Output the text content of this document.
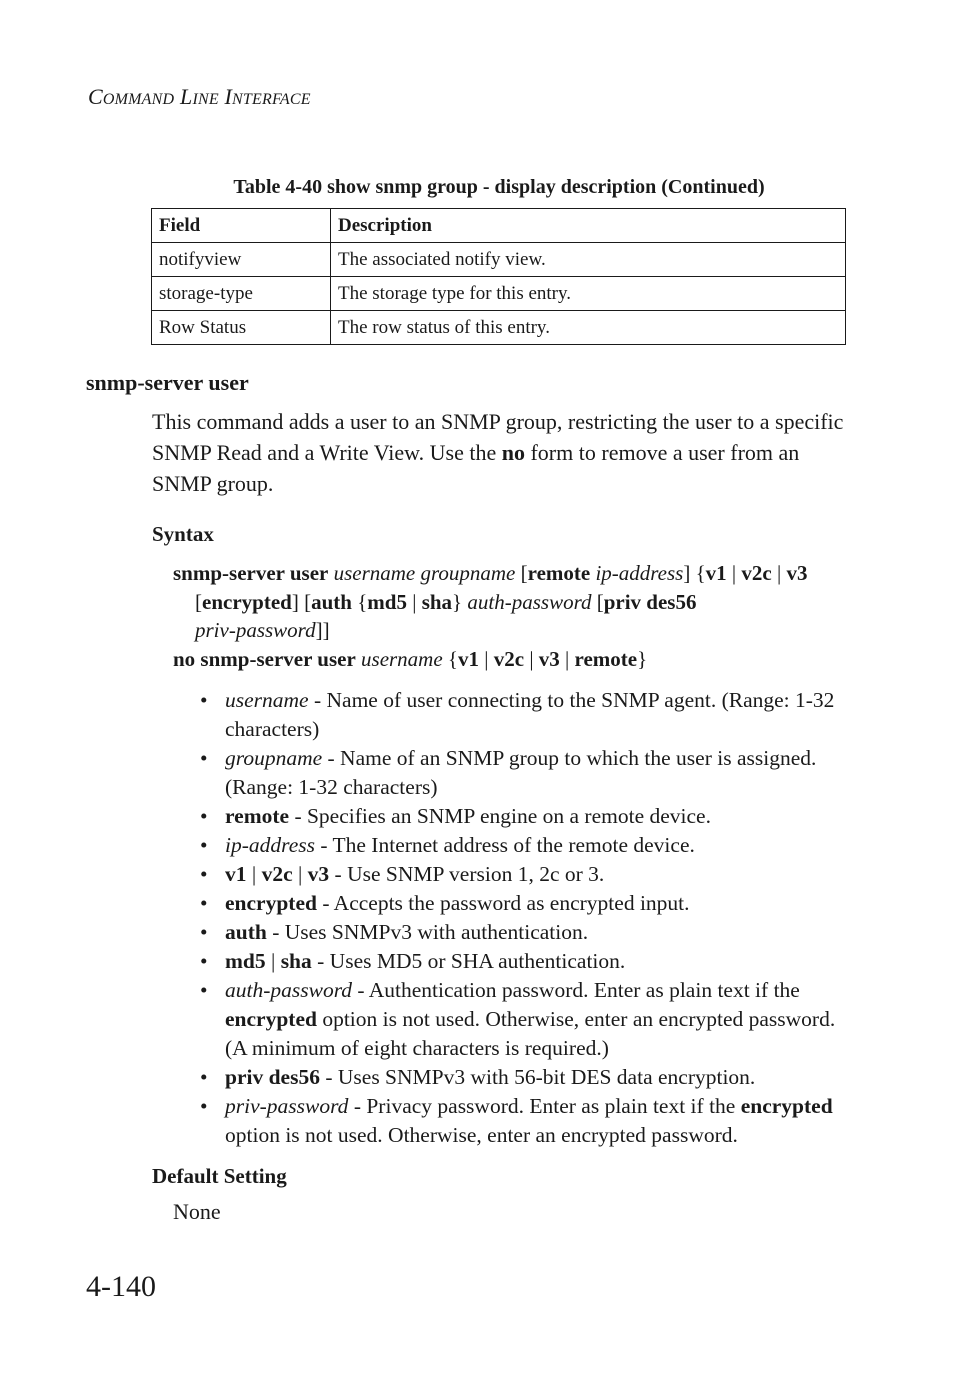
COMMAND LINE INTERFACE
Table 4-40 show snmp group - display description (Continued)
Field	Description
notifyview	The associated notify view.
storage-type	The storage type for this entry.
Row Status	The row status of this entry.
snmp-server user
This command adds a user to an SNMP group, restricting the user to a specific SNMP Read and a Write View. Use the no form to remove a user from an SNMP group.
Syntax
snmp-server user username groupname [remote ip-address] {v1 | v2c | v3
[encrypted] [auth {md5 | sha} auth-password [priv des56
priv-password]]
no snmp-server user username {v1 | v2c | v3 | remote}
• username - Name of user connecting to the SNMP agent. (Range: 1-32 characters)
• groupname - Name of an SNMP group to which the user is assigned. (Range: 1-32 characters)
• remote - Specifies an SNMP engine on a remote device.
• ip-address - The Internet address of the remote device.
• v1 | v2c | v3 - Use SNMP version 1, 2c or 3.
• encrypted - Accepts the password as encrypted input.
• auth - Uses SNMPv3 with authentication.
• md5 | sha - Uses MD5 or SHA authentication.
• auth-password - Authentication password. Enter as plain text if the encrypted option is not used. Otherwise, enter an encrypted password. (A minimum of eight characters is required.)
• priv des56 - Uses SNMPv3 with 56-bit DES data encryption.
• priv-password - Privacy password. Enter as plain text if the encrypted option is not used. Otherwise, enter an encrypted password.
Default Setting
None
4-140
